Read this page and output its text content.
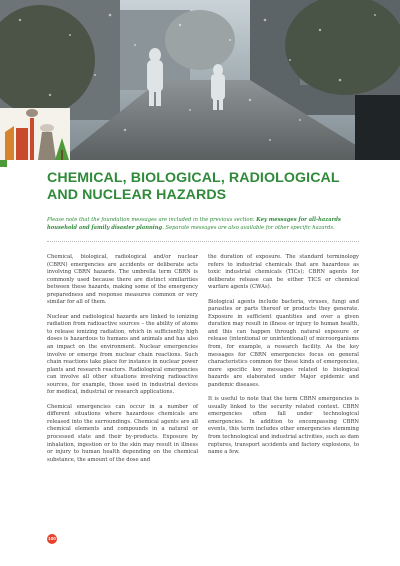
CHEMICAL, BIOLOGICAL, RADIOLOGICAL
AND NUCLEAR HAZARDS

Please note that the foundation messages are included in the previous section: Key messages for all-hazards household and family disaster planning. Separate messages are also available for other specific hazards.

Chemical, biological, radiological and/or nuclear (CBRN) emergencies are accidents or deliberate acts involving CBRN hazards. The umbrella term CBRN is commonly used because there are distinct similarities between these hazards, making some of the emergency preparedness and response measures common or very similar for all of them.

Nuclear and radiological hazards are linked to ionizing radiation from radioactive sources – the ability of atoms to release ionizing radiation, which in sufficiently high doses is hazardous to humans and animals and has also an impact on the environment. Nuclear emergencies involve or emerge from nuclear chain reactions. Such chain reactions take place for instance in nuclear power plants and research reactors. Radiological emergencies can involve all other situations involving radioactive sources, for example, those used in industrial devices for medical, industrial or research applications.

Chemical emergencies can occur in a number of different situations where hazardous chemicals are released into the surroundings. Chemical agents are all chemical elements and compounds in a natural or processed state and their by-products. Exposure by inhalation, ingestion or to the skin may result in illness or injury to human health depending on the chemical substance, the amount of the dose and

the duration of exposure. The standard terminology refers to industrial chemicals that are hazardous as toxic industrial chemicals (TICs); CBRN agents for deliberate release can be either TICS or chemical warfare agents (CWAs).

Biological agents include bacteria, viruses, fungi and parasites or parts thereof or products they generate. Exposure in sufficient quantities and over a given duration may result in illness or injury to human health, and this can happen through natural exposure or release (intentional or unintentional) of microorganisms from, for example, a research facility. As the key messages for CBRN emergencies focus on general characteristics common for these kinds of emergencies, more specific key messages related to biological hazards are elaborated under Major epidemic and pandemic diseases.

It is useful to note that the term CBRN emergencies is usually linked to the security related context. CBRN emergencies often fall under technological emergencies. In addition to encompassing CBRN events, this term includes other emergencies stemming from technological and industrial activities, such as dam ruptures, transport accidents and factory explosions, to name a few.

100
